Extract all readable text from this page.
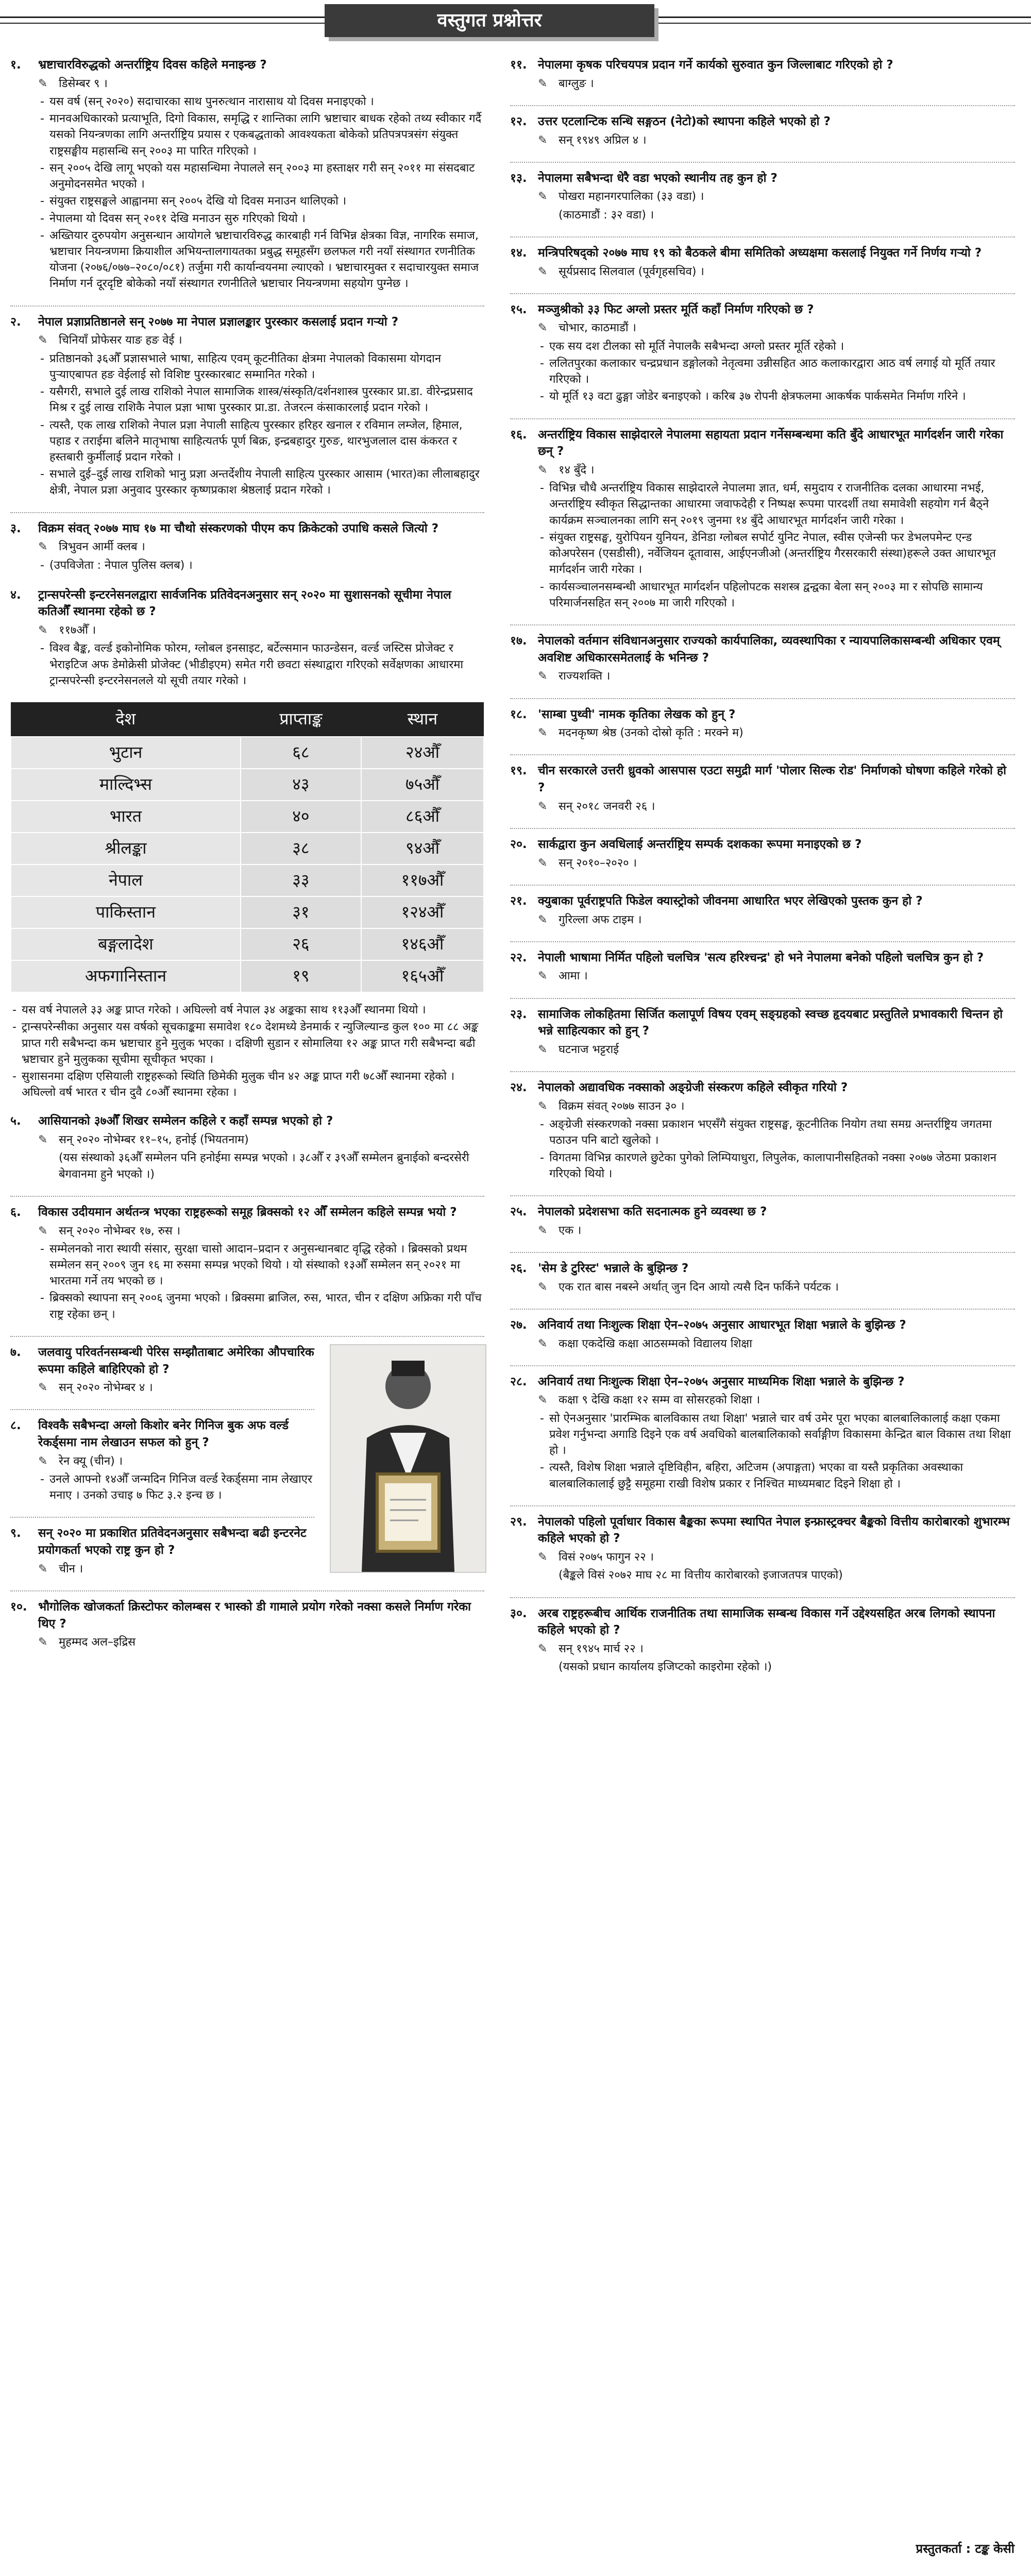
वस्तुगत प्रश्नोत्तर
१.	भ्रष्टाचारविरुद्धको अन्तर्राष्ट्रिय दिवस कहिले मनाइन्छ ?
✎ डिसेम्बर ९ ।
- यस वर्ष (सन् २०२०) सदाचारका साथ पुनरुत्थान नारासाथ यो दिवस मनाइएको ।
- मानवअधिकारको प्रत्याभूति, दिगो विकास, समृद्धि र शान्तिका लागि भ्रष्टाचार बाधक रहेको तथ्य स्वीकार गर्दै यसको नियन्त्रणका लागि अन्तर्राष्ट्रिय प्रयास र एकबद्धताको आवश्यकता बोकेको प्रतिपत्रपत्रसंग संयुक्त राष्ट्रसङ्घीय महासन्धि सन् २००३ मा पारित गरिएको ।
- सन् २००५ देखि लागू भएको यस महासन्धिमा नेपालले सन् २००३ मा हस्ताक्षर गरी सन् २०११ मा संसदबाट अनुमोदनसमेत भएको ।
- संयुक्त राष्ट्रसङ्घले आह्वानमा सन् २००५ देखि यो दिवस मनाउन थालिएको ।
- नेपालमा यो दिवस सन् २०११ देखि मनाउन सुरु गरिएको थियो ।
- अख्तियार दुरुपयोग अनुसन्धान आयोगले भ्रष्टाचारविरुद्ध कारबाही गर्न विभिन्न क्षेत्रका विज्ञ, नागरिक समाज, भ्रष्टाचार नियन्त्रणमा क्रियाशील अभियन्तालगायतका प्रबुद्ध समूहसँग छलफल गरी नयाँ संस्थागत रणनीतिक योजना (२०७६/०७७–२०८०/०८१) तर्जुमा गरी कार्यान्वयनमा ल्याएको । भ्रष्टाचारमुक्त र सदाचारयुक्त समाज निर्माण गर्न दूरदृष्टि बोकेको नयाँ संस्थागत रणनीतिले भ्रष्टाचार नियन्त्रणमा सहयोग पुग्नेछ ।
२.	नेपाल प्रज्ञाप्रतिष्ठानले सन् २०७७ मा नेपाल प्रज्ञालङ्कार पुरस्कार कसलाई प्रदान गऱ्यो ?
✎ चिनियाँ प्रोफेसर याङ हङ वेई ।
- प्रतिष्ठानको ३६औँ प्रज्ञासभाले भाषा, साहित्य एवम् कूटनीतिका क्षेत्रमा नेपालको विकासमा योगदान पुऱ्याएबापत हङ वेईलाई सो विशिष्ट पुरस्कारबाट सम्मानित गरेको ।
- यसैगरी, सभाले दुई लाख राशिको नेपाल सामाजिक शास्त्र/संस्कृति/दर्शनशास्त्र पुरस्कार प्रा.डा. वीरेन्द्रप्रसाद मिश्र र दुई लाख राशिकै नेपाल प्रज्ञा भाषा पुरस्कार प्रा.डा. तेजरत्न कंसाकारलाई प्रदान गरेको ।
- त्यस्तै, एक लाख राशिको नेपाल प्रज्ञा नेपाली साहित्य पुरस्कार हरिहर खनाल र रविमान लम्जेल, हिमाल, पहाड र तराईमा बलिने मातृभाषा साहित्यतर्फ पूर्ण बिक्र, इन्द्रबहादुर गुरुङ, थारभुजलाल दास कंकरत र हस्तबारी कुर्मीलाई प्रदान गरेको ।
- सभाले दुई–दुई लाख राशिको भानु प्रज्ञा अन्तर्देशीय नेपाली साहित्य पुरस्कार आसाम (भारत)का लीलाबहादुर क्षेत्री, नेपाल प्रज्ञा अनुवाद पुरस्कार कृष्णप्रकाश श्रेष्ठलाई प्रदान गरेको ।
३.	विक्रम संवत् २०७७ माघ १७ मा चौथो संस्करणको पीएम कप क्रिकेटको उपाधि कसले जित्यो ?
✎ त्रिभुवन आर्मी क्लब ।
- (उपविजेता : नेपाल पुलिस क्लब) ।
४.	ट्रान्सपरेन्सी इन्टरनेसनलद्वारा सार्वजनिक प्रतिवेदनअनुसार सन् २०२० मा सुशासनको सूचीमा नेपाल कतिऔँ स्थानमा रहेको छ ?
✎ ११७औँ ।
- विश्व बैङ्क, वर्ल्ड इकोनोमिक फोरम, ग्लोबल इनसाइट, बर्टेल्समान फाउन्डेसन, वर्ल्ड जस्टिस प्रोजेक्ट र भेराइटिज अफ डेमोक्रेसी प्रोजेक्ट (भीडीइएम) समेत गरी छवटा संस्थाद्वारा गरिएको सर्वेक्षणका आधारमा ट्रान्सपरेन्सी इन्टरनेसनलले यो सूची तयार गरेको ।
देश	प्राप्ताङ्क	स्थान
भुटान	६८	२४औँ
माल्दिभ्स	४३	७५औँ
भारत	४०	८६औँ
श्रीलङ्का	३८	९४औँ
नेपाल	३३	११७औँ
पाकिस्तान	३१	१२४औँ
बङ्गलादेश	२६	१४६औँ
अफगानिस्तान	१९	१६५औँ
- यस वर्ष नेपालले ३३ अङ्क प्राप्त गरेको । अघिल्लो वर्ष नेपाल ३४ अङ्कका साथ ११३औँ स्थानमा थियो ।
- ट्रान्सपरेन्सीका अनुसार यस वर्षको सूचकाङ्कमा समावेश १८० देशमध्ये डेनमार्क र न्युजिल्यान्ड कुल १०० मा ८८ अङ्क प्राप्त गरी सबैभन्दा कम भ्रष्टाचार हुने मुलुक भएका । दक्षिणी सुडान र सोमालिया १२ अङ्क प्राप्त गरी सबैभन्दा बढी भ्रष्टाचार हुने मुलुकका सूचीमा सूचीकृत भएका ।
- सुशासनमा दक्षिण एसियाली राष्ट्रहरूको स्थिति छिमेकी मुलुक चीन ४२ अङ्क प्राप्त गरी ७८औँ स्थानमा रहेको । अघिल्लो वर्ष भारत र चीन दुवै ८०औँ स्थानमा रहेका ।
५.	आसियानको ३७औँ शिखर सम्मेलन कहिले र कहाँ सम्पन्न भएको हो ?
✎ सन् २०२० नोभेम्बर ११–१५, हनोई (भियतनाम)
(यस संस्थाको ३६औँ सम्मेलन पनि हनोईमा सम्पन्न भएको । ३८औँ र ३९औँ सम्मेलन ब्रुनाईको बन्दरसेरी बेगवानमा हुने भएको ।)
६.	विकास उदीयमान अर्थतन्त्र भएका राष्ट्रहरूको समूह ब्रिक्सको १२ औँ सम्मेलन कहिले सम्पन्न भयो ?
✎ सन् २०२० नोभेम्बर १७, रुस ।
- सम्मेलनको नारा स्थायी संसार, सुरक्षा चासो आदान–प्रदान र अनुसन्धानबाट वृद्धि रहेको । ब्रिक्सको प्रथम सम्मेलन सन् २००९ जुन १६ मा रुसमा सम्पन्न भएको थियो । यो संस्थाको १३औँ सम्मेलन सन् २०२१ मा भारतमा गर्ने तय भएको छ ।
- ब्रिक्सको स्थापना सन् २००६ जुनमा भएको । ब्रिक्समा ब्राजिल, रुस, भारत, चीन र दक्षिण अफ्रिका गरी पाँच राष्ट्र रहेका छन् ।
७.	जलवायु परिवर्तनसम्बन्धी पेरिस सम्झौताबाट अमेरिका औपचारिक रूपमा कहिले बाहिरिएको हो ?
✎ सन् २०२० नोभेम्बर ४ ।
८.	विश्वकै सबैभन्दा अग्लो किशोर बनेर गिनिज बुक अफ वर्ल्ड रेकर्ड्समा नाम लेखाउन सफल को हुन् ?
✎ रेन क्यू (चीन) ।
- उनले आफ्नो १४औँ जन्मदिन गिनिज वर्ल्ड रेकर्ड्समा नाम लेखाएर मनाए । उनको उचाइ ७ फिट ३.२ इन्च छ ।
९.	सन् २०२० मा प्रकाशित प्रतिवेदनअनुसार सबैभन्दा बढी इन्टरनेट प्रयोगकर्ता भएको राष्ट्र कुन हो ?
✎ चीन ।
१०. भौगोलिक खोजकर्ता क्रिस्टोफर कोलम्बस र भास्को डी गामाले प्रयोग गरेको नक्सा कसले निर्माण गरेका थिए ?
✎ मुहम्मद अल–इद्रिस
११. नेपालमा कृषक परिचयपत्र प्रदान गर्ने कार्यको सुरुवात कुन जिल्लाबाट गरिएको हो ?
✎ बाग्लुङ ।
१२. उत्तर एटलान्टिक सन्धि सङ्गठन (नेटो)को स्थापना कहिले भएको हो ?
✎ सन् १९४९ अप्रिल ४ ।
१३. नेपालमा सबैभन्दा धेरै वडा भएको स्थानीय तह कुन हो ?
✎ पोखरा महानगरपालिका (३३ वडा) ।
(काठमाडौं : ३२ वडा) ।
१४. मन्त्रिपरिषद्को २०७७ माघ १९ को बैठकले बीमा समितिको अध्यक्षमा कसलाई नियुक्त गर्ने निर्णय गऱ्यो ?
✎ सूर्यप्रसाद सिलवाल (पूर्वगृहसचिव) ।
१५. मञ्जुश्रीको ३३ फिट अग्लो प्रस्तर मूर्ति कहाँ निर्माण गरिएको छ ?
✎ चोभार, काठमाडौं ।
- एक सय दश टीलका सो मूर्ति नेपालकै सबैभन्दा अग्लो प्रस्तर मूर्ति रहेको ।
- ललितपुरका कलाकार चन्द्रप्रधान डङ्गोलको नेतृत्वमा उन्नीसहित आठ कलाकारद्वारा आठ वर्ष लगाई यो मूर्ति तयार गरिएको ।
- यो मूर्ति १३ वटा ढुङ्गा जोडेर बनाइएको । करिब ३७ रोपनी क्षेत्रफलमा आकर्षक पार्कसमेत निर्माण गरिने ।
१६. अन्तर्राष्ट्रिय विकास साझेदारले नेपालमा सहायता प्रदान गर्नेसम्बन्धमा कति बुँदे आधारभूत मार्गदर्शन जारी गरेका छन् ?
✎ १४ बुँदे ।
- विभिन्न चौधै अन्तर्राष्ट्रिय विकास साझेदारले नेपालमा ज्ञात, धर्म, समुदाय र राजनीतिक दलका आधारमा नभई, अन्तर्राष्ट्रिय स्वीकृत सिद्धान्तका आधारमा जवाफदेही र निष्पक्ष रूपमा पारदर्शी तथा समावेशी सहयोग गर्न बैठ्ने कार्यक्रम सञ्चालनका लागि सन् २०१९ जुनमा १४ बुँदे आधारभूत मार्गदर्शन जारी गरेका ।
- संयुक्त राष्ट्रसङ्घ, युरोपियन युनियन, डेनिडा ग्लोबल सपोर्ट युनिट नेपाल, स्वीस एजेन्सी फर डेभलपमेन्ट एन्ड कोअपरेसन (एसडीसी), नर्वेजियन दूतावास, आईएनजीओ (अन्तर्राष्ट्रिय गैरसरकारी संस्था)हरूले उक्त आधारभूत मार्गदर्शन जारी गरेका ।
- कार्यसञ्चालनसम्बन्धी आधारभूत मार्गदर्शन पहिलोपटक सशस्त्र द्वन्द्वका बेला सन् २००३ मा र सोपछि सामान्य परिमार्जनसहित सन् २००७ मा जारी गरिएको ।
१७. नेपालको वर्तमान संविधानअनुसार राज्यको कार्यपालिका, व्यवस्थापिका र न्यायपालिकासम्बन्धी अधिकार एवम् अवशिष्ट अधिकारसमेतलाई के भनिन्छ ?
✎ राज्यशक्ति ।
१८. 'साम्बा पुथ्वी' नामक कृतिका लेखक को हुन् ?
✎ मदनकृष्ण श्रेष्ठ (उनको दोस्रो कृति : मरक्ने म)
१९. चीन सरकारले उत्तरी ध्रुवको आसपास एउटा समुद्री मार्ग 'पोलार सिल्क रोड' निर्माणको घोषणा कहिले गरेको हो ?
✎ सन् २०१८ जनवरी २६ ।
२०. सार्कद्वारा कुन अवधिलाई अन्तर्राष्ट्रिय सम्पर्क दशकका रूपमा मनाइएको छ ?
✎ सन् २०१०–२०२० ।
२१. क्युबाका पूर्वराष्ट्रपति फिडेल क्यास्ट्रोको जीवनमा आधारित भएर लेखिएको पुस्तक कुन हो ?
✎ गुरिल्ला अफ टाइम ।
२२. नेपाली भाषामा निर्मित पहिलो चलचित्र 'सत्य हरिश्चन्द्र' हो भने नेपालमा बनेको पहिलो चलचित्र कुन हो ?
✎ आमा ।
२३. सामाजिक लोकहितमा सिर्जित कलापूर्ण विषय एवम् सङ्ग्रहको स्वच्छ हृदयबाट प्रस्तुतिले प्रभावकारी चिन्तन हो भन्ने साहित्यकार को हुन् ?
✎ घटनाज भट्टराई
२४. नेपालको अद्यावधिक नक्साको अङ्ग्रेजी संस्करण कहिले स्वीकृत गरियो ?
✎ विक्रम संवत् २०७७ साउन ३० ।
- अङ्ग्रेजी संस्करणको नक्सा प्रकाशन भएसँगै संयुक्त राष्ट्रसङ्घ, कूटनीतिक नियोग तथा समग्र अन्तर्राष्ट्रिय जगतमा पठाउन पनि बाटो खुलेको ।
- विगतमा विभिन्न कारणले छुटेका पुगेको लिम्पियाधुरा, लिपुलेक, कालापानीसहितको नक्सा २०७७ जेठमा प्रकाशन गरिएको थियो ।
२५. नेपालको प्रदेशसभा कति सदनात्मक हुने व्यवस्था छ ?
✎ एक ।
२६. 'सेम डे टुरिस्ट' भन्नाले के बुझिन्छ ?
✎ एक रात बास नबस्ने अर्थात् जुन दिन आयो त्यसै दिन फर्किने पर्यटक ।
२७. अनिवार्य तथा निःशुल्क शिक्षा ऐन–२०७५ अनुसार आधारभूत शिक्षा भन्नाले के बुझिन्छ ?
✎ कक्षा एकदेखि कक्षा आठसम्मको विद्यालय शिक्षा
२८. अनिवार्य तथा निःशुल्क शिक्षा ऐन–२०७५ अनुसार माध्यमिक शिक्षा भन्नाले के बुझिन्छ ?
✎ कक्षा ९ देखि कक्षा १२ सम्म वा सोसरहको शिक्षा ।
- सो ऐनअनुसार 'प्रारम्भिक बालविकास तथा शिक्षा' भन्नाले चार वर्ष उमेर पूरा भएका बालबालिकालाई कक्षा एकमा प्रवेश गर्नुभन्दा अगाडि दिइने एक वर्ष अवधिको बालबालिकाको सर्वाङ्गीण विकासमा केन्द्रित बाल विकास तथा शिक्षा हो ।
- त्यस्तै, विशेष शिक्षा भन्नाले दृष्टिविहीन, बहिरा, अटिजम (अपाङ्गता) भएका वा यस्तै प्रकृतिका अवस्थाका बालबालिकालाई छुट्टै समूहमा राखी विशेष प्रकार र निश्चित माध्यमबाट दिइने शिक्षा हो ।
२९. नेपालको पहिलो पूर्वाधार विकास बैङ्कका रूपमा स्थापित नेपाल इन्फ्रास्ट्रक्चर बैङ्कको वित्तीय कारोबारको शुभारम्भ कहिले भएको हो ?
✎ विसं २०७५ फागुन २२ ।
(बैङ्कले विसं २०७२ माघ २८ मा वित्तीय कारोबारको इजाजतपत्र पाएको)
३०. अरब राष्ट्रहरूबीच आर्थिक राजनीतिक तथा सामाजिक सम्बन्ध विकास गर्ने उद्देश्यसहित अरब लिगको स्थापना कहिले भएको हो ?
✎ सन् १९४५ मार्च २२ ।
(यसको प्रधान कार्यालय इजिप्टको काइरोमा रहेको ।)
प्रस्तुतकर्ता : टङ्क केसी
